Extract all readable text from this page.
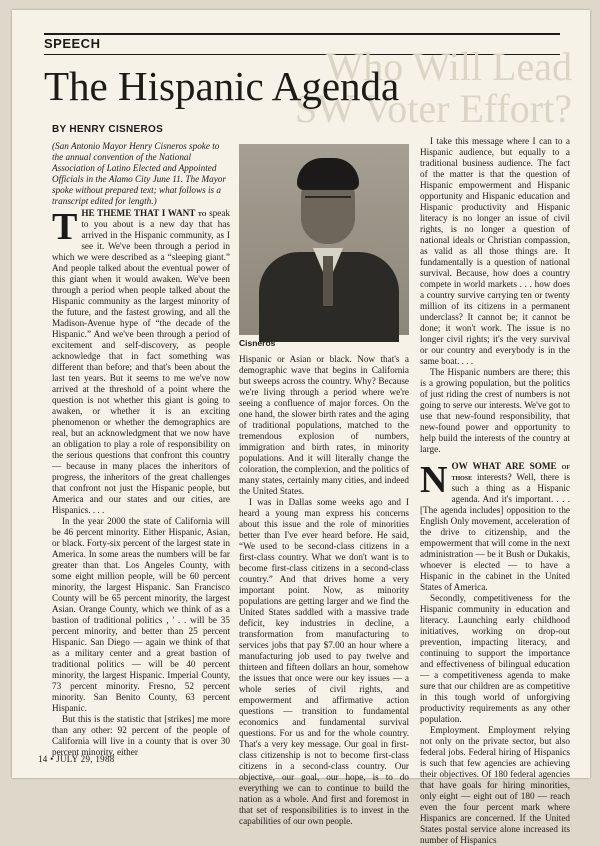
SPEECH
Who Will Lead
SW Voter Effort?
The Hispanic Agenda
BY HENRY CISNEROS
(San Antonio Mayor Henry Cisneros spoke to the annual convention of the National Association of Latino Elected and Appointed Officials in the Alamo City June 11. The Mayor spoke without prepared text; what follows is a transcript edited for length.)

THE THEME THAT I WANT to speak to you about is a new day that has arrived in the Hispanic community, as I see it. We've been through a period in which we were described as a “sleeping giant.” And people talked about the eventual power of this giant when it would awaken. We've been through a period when people talked about the Hispanic community as the largest minority of the future, and the fastest growing, and all the Madison-Avenue hype of “the decade of the Hispanic.” And we've been through a period of excitement and self-discovery, as people acknowledge that in fact something was different than before; and that's been about the last ten years. But it seems to me we've now arrived at the threshold of a point where the question is not whether this giant is going to awaken, or whether it is an exciting phenomenon or whether the demographics are real, but an acknowledgment that we now have an obligation to play a role of responsibility on the serious questions that confront this country — because in many places the inheritors of progress, the inheritors of the great challenges that confront not just the Hispanic people, but America and our states and our cities, are Hispanics. . . .

In the year 2000 the state of California will be 46 percent minority. Either Hispanic, Asian, or black. Forty-six percent of the largest state in America. In some areas the numbers will be far greater than that. Los Angeles County, with some eight million people, will be 60 percent minority, the largest Hispanic. San Francisco County will be 65 percent minority, the largest Asian. Orange County, which we think of as a bastion of traditional politics , ' . . will be 35 percent minority, and better than 25 percent Hispanic. San Diego — again we think of that as a military center and a great bastion of traditional politics — will be 40 percent minority, the largest Hispanic. Imperial County, 73 percent minority. Fresno, 52 percent minority. San Benito County, 63 percent Hispanic.

But this is the statistic that [strikes] me more than any other: 92 percent of the people of California will live in a county that is over 30 percent minority, either

Cisneros

Hispanic or Asian or black. Now that's a demographic wave that begins in California but sweeps across the country. Why? Because we're living through a period where we're seeing a confluence of major forces. On the one hand, the slower birth rates and the aging of traditional populations, matched to the tremendous explosion of numbers, immigration and birth rates, in minority populations. And it will literally change the coloration, the complexion, and the politics of many states, certainly many cities, and indeed the United States.

I was in Dallas some weeks ago and I heard a young man express his concerns about this issue and the role of minorities better than I've ever heard before. He said, “We used to be second-class citizens in a first-class country. What we don't want is to become first-class citizens in a second-class country.” And that drives home a very important point. Now, as minority populations are getting larger and we find the United States saddled with a massive trade deficit, key industries in decline, a transformation from manufacturing to services jobs that pay $7.00 an hour where a manufacturing job used to pay twelve and thirteen and fifteen dollars an hour, somehow the issues that once were our key issues — a whole series of civil rights, and empowerment and affirmative action questions — transition to fundamental economics and fundamental survival questions. For us and for the whole country. That's a very key message. Our goal in first-class citizenship is not to become first-class citizens in a second-class country. Our objective, our goal, our hope, is to do everything we can to continue to build the nation as a whole. And first and foremost in that set of responsibilities is to invest in the capabilities of our own people.

I take this message where I can to a Hispanic audience, but equally to a traditional business audience. The fact of the matter is that the question of Hispanic empowerment and Hispanic opportunity and Hispanic education and Hispanic productivity and Hispanic literacy is no longer an issue of civil rights, is no longer a question of national ideals or Christian compassion, as valid as all those things are. It fundamentally is a question of national survival. Because, how does a country compete in world markets . . . how does a country survive carrying ten or twenty million of its citizens in a permanent underclass? It cannot be; it cannot be done; it won't work. The issue is no longer civil rights; it's the very survival or our country and everybody is in the same boat. . . .

The Hispanic numbers are there; this is a growing population, but the politics of just riding the crest of numbers is not going to serve our interests. We've got to use that new-found responsibility, that new-found power and opportunity to help build the interests of the country at large.

NOW WHAT ARE SOME of those interests? Well, there is such a thing as a Hispanic agenda. And it's important. . . . [The agenda includes] opposition to the English Only movement, acceleration of the drive to citizenship, and the empowerment that will come in the next administration — be it Bush or Dukakis, whoever is elected — to have a Hispanic in the cabinet in the United States of America.

Secondly, competitiveness for the Hispanic community in education and literacy. Launching early childhood initiatives, working on drop-out prevention, impacting literacy, and continuing to support the importance and effectiveness of bilingual education — a competitiveness agenda to make sure that our children are as competitive in this tough world of unforgiving productivity requirements as any other population.

Employment. Employment relying not only on the private sector, but also federal jobs. Federal hiring of Hispanics is such that few agencies are achieving their objectives. Of 180 federal agencies that have goals for hiring minorities, only eight — eight out of 180 — reach even the four percent mark where Hispanics are concerned. If the United States postal service alone increased its number of Hispanics

14 • JULY 29, 1988
